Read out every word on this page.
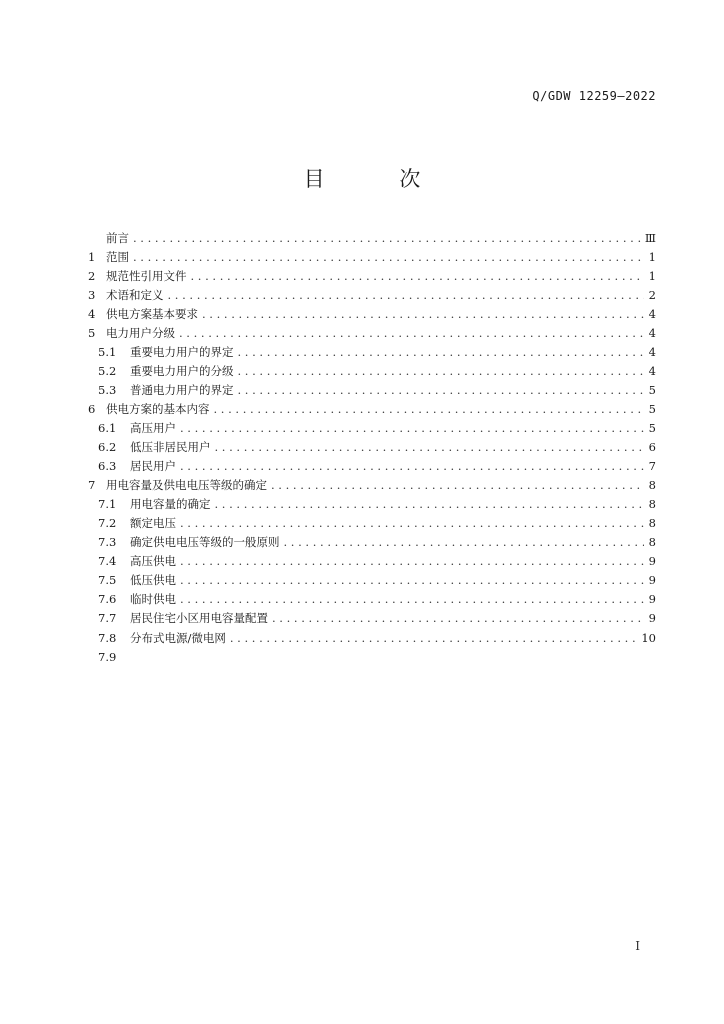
Q/GDW 12259—2022
目 次
前言 . . .	Ⅲ
1 范围 . . .	1
2 规范性引用文件 . . .	1
3 术语和定义 . . .	2
4 供电方案基本要求 . . .	4
5 电力用户分级 . . .	4
5.1	重要电力用户的界定 . . .	4
5.2	重要电力用户的分级 . . .	4
5.3	普通电力用户的界定 . . .	5
6 供电方案的基本内容 . . .	5
6.1	高压用户 . . .	5
6.2	低压非居民用户 . . .	6
6.3	居民用户 . . .	7
7 用电容量及供电电压等级的确定 . . .	8
7.1	用电容量的确定 . . .	8
7.2	额定电压 . . .	8
7.3	确定供电电压等级的一般原则 . . .	8
7.4	高压供电 . . .	9
7.5	低压供电 . . .	9
7.6	临时供电 . . .	9
7.7	居民住宅小区用电容量配置 . . .	9
7.8	分布式电源/微电网 . . .	10
7.9
I
